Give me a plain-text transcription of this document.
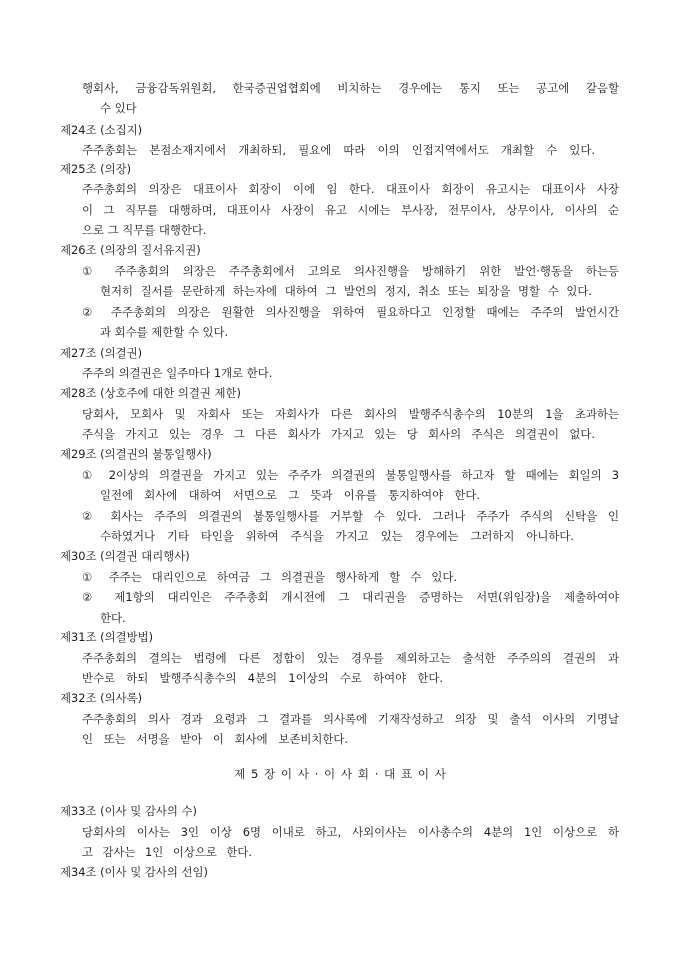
행회사, 금융감독위원회, 한국증권업협회에 비치하는 경우에는 통지 또는 공고에 갈음할
수 있다
제24조 (소집지)
주주총회는 본점소재지에서 개최하되, 필요에 따라 이의 인접지역에서도 개최할 수 있다.
제25조 (의장)
주주총회의 의장은 대표이사 회장이 이에 임 한다. 대표이사 회장이 유고시는 대표이사 사장
이 그 직무를 대행하며, 대표이사 사장이 유고 시에는 부사장, 전무이사, 상무이사, 이사의 순
으로 그 직무를 대행한다.
제26조 (의장의 질서유지권)
① 주주총회의 의장은 주주총회에서 고의로 의사진행을 방해하기 위한 발언·행동을 하는등
현저히 질서를 문란하게 하는자에 대하여 그 발언의 정지, 취소 또는 퇴장을 명할 수 있다.
② 주주총회의 의장은 원활한 의사진행을 위하여 필요하다고 인정할 때에는 주주의 발언시간
과 회수를 제한할 수 있다.
제27조 (의결권)
주주의 의결권은 일주마다 1개로 한다.
제28조 (상호주에 대한 의결권 제한)
당회사, 모회사 및 자회사 또는 자회사가 다른 회사의 발행주식총수의 10분의 1을 초과하는
주식을 가지고 있는 경우 그 다른 회사가 가지고 있는 당 회사의 주식은 의결권이 없다.
제29조 (의결권의 불통일행사)
① 2이상의 의결권을 가지고 있는 주주가 의결권의 불통일행사를 하고자 할 때에는 회일의 3
일전에 회사에 대하여 서면으로 그 뜻과 이유를 통지하여야 한다.
② 회사는 주주의 의결권의 불통일행사를 거부할 수 있다. 그러나 주주가 주식의 신탁을 인
수하였거나 기타 타인을 위하여 주식을 가지고 있는 경우에는 그러하지 아니하다.
제30조 (의결권 대리행사)
① 주주는 대리인으로 하여금 그 의결권을 행사하게 할 수 있다.
② 제1항의 대리인은 주주총회 개시전에 그 대리권을 증명하는 서면(위임장)을 제출하여야
한다.
제31조 (의결방법)
주주총회의 결의는 법령에 다른 정함이 있는 경우를 제외하고는 출석한 주주의의 결권의 과
반수로 하되 발행주식총수의 4분의 1이상의 수로 하여야 한다.
제32조 (의사록)
주주총회의 의사 경과 요령과 그 결과를 의사록에 기재작성하고 의장 및 출석 이사의 기명날
인 또는 서명을 받아 이 회사에 보존비치한다.
제 5 장 이 사 · 이 사 회 · 대 표 이 사
제33조 (이사 및 감사의 수)
당회사의 이사는 3인 이상 6명 이내로 하고, 사외이사는 이사총수의 4분의 1인 이상으로 하
고 감사는 1인 이상으로 한다.
제34조 (이사 및 감사의 선임)
